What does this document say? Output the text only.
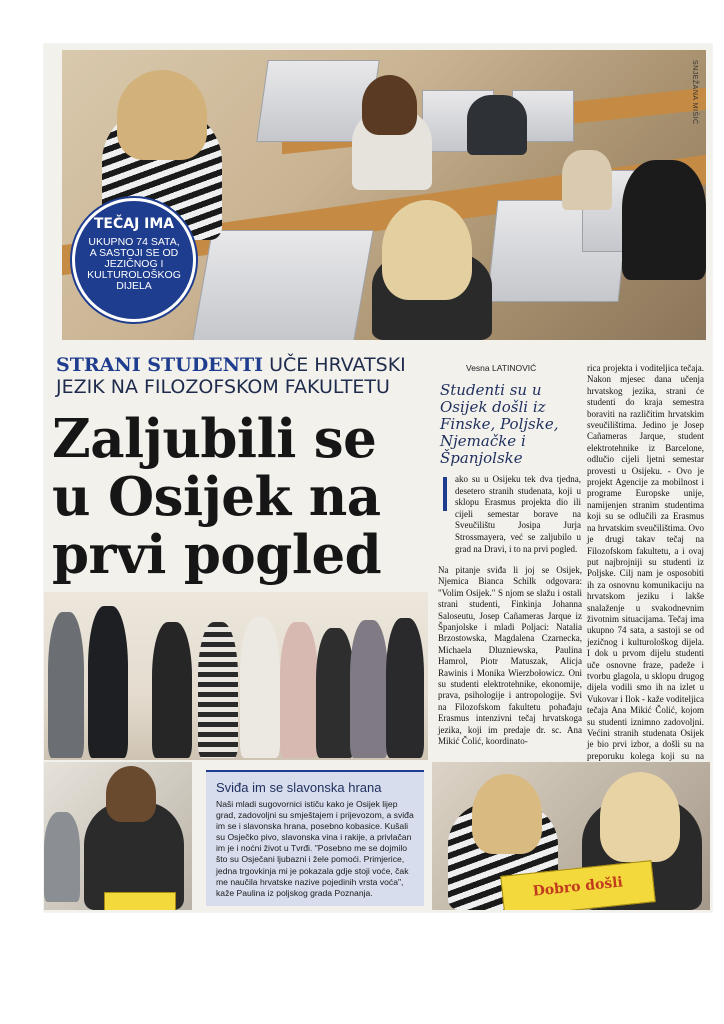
SNJEŽANA MIŠIĆ
TEČAJ IMA
UKUPNO 74 SATA, A SASTOJI SE OD JEZIČNOG I KULTUROLOŠKOG DIJELA
STRANI STUDENTI UČE HRVATSKI
JEZIK NA FILOZOFSKOM FAKULTETU
Zaljubili se u Osijek na prvi pogled
Vesna LATINOVIĆ
Studenti su u Osijek došli iz Finske, Poljske, Njemačke i Španjolske

ako su u Osijeku tek dva tjedna, desetero stranih studenata, koji u sklopu Erasmus projekta dio ili cijeli semestar borave na Sveučilištu Josipa Jurja Strossmayera, već se zaljubilo u grad na Dravi, i to na prvi pogled.

Na pitanje sviđa li joj se Osijek, Njemica Bianca Schilk odgovara: "Volim Osijek." S njom se slažu i ostali strani studenti, Finkinja Johanna Saloseutu, Josep Cañameras Jarque iz Španjolske i mladi Poljaci: Natalia Brzostowska, Magdalena Czarnecka, Michaela Dluzniewska, Paulina Hamrol, Piotr Matuszak, Alicja Rawinis i Monika Wierzbołowicz. Oni su studenti elektrotehnike, ekonomije, prava, psihologije i antropologije. Svi na Filozofskom fakultetu pohađaju Erasmus intenzivni tečaj hrvatskoga jezika, koji im predaje dr. sc. Ana Mikić Čolić, koordinato-

rica projekta i voditeljica tečaja. Nakon mjesec dana učenja hrvatskog jezika, strani će studenti do kraja semestra boraviti na različitim hrvatskim sveučilištima. Jedino je Josep Cañameras Jarque, student elektrotehnike iz Barcelone, odlučio cijeli ljetni semestar provesti u Osijeku. - Ovo je projekt Agencije za mobilnost i programe Europske unije, namijenjen stranim studentima koji su se odlučili za Erasmus na hrvatskim sveučilištima. Ovo je drugi takav tečaj na Filozofskom fakultetu, a i ovaj put najbrojniji su studenti iz Poljske. Cilj nam je osposobiti ih za osnovnu komunikaciju na hrvatskom jeziku i lakše snalaženje u svakodnevnim životnim situacijama. Tečaj ima ukupno 74 sata, a sastoji se od jezičnog i kulturološkog dijela. I dok u prvom dijelu studenti uče osnovne fraze, padeže i tvorbu glagola, u sklopu drugog dijela vodili smo ih na izlet u Vukovar i Ilok - kaže voditeljica tečaja Ana Mikić Čolić, kojom su studenti iznimno zadovoljni. Većini stranih studenata Osijek je bio prvi izbor, a došli su na preporuku kolega koji su na

Sviđa im se slavonska hrana
Naši mladi sugovornici ističu kako je Osijek lijep grad, zadovoljni su smještajem i prijevozom, a sviđa im se i slavonska hrana, posebno kobasice. Kušali su Osječko pivo, slavonska vina i rakije, a privlačan im je i noćni život u Tvrđi. "Posebno me se dojmilo što su Osječani ljubazni i žele pomoći. Primjerice, jedna trgovkinja mi je pokazala gdje stoji voće, čak me naučila hrvatske nazive pojedinih vrsta voća", kaže Paulina iz poljskog grada Poznanja.	Dobro došli
